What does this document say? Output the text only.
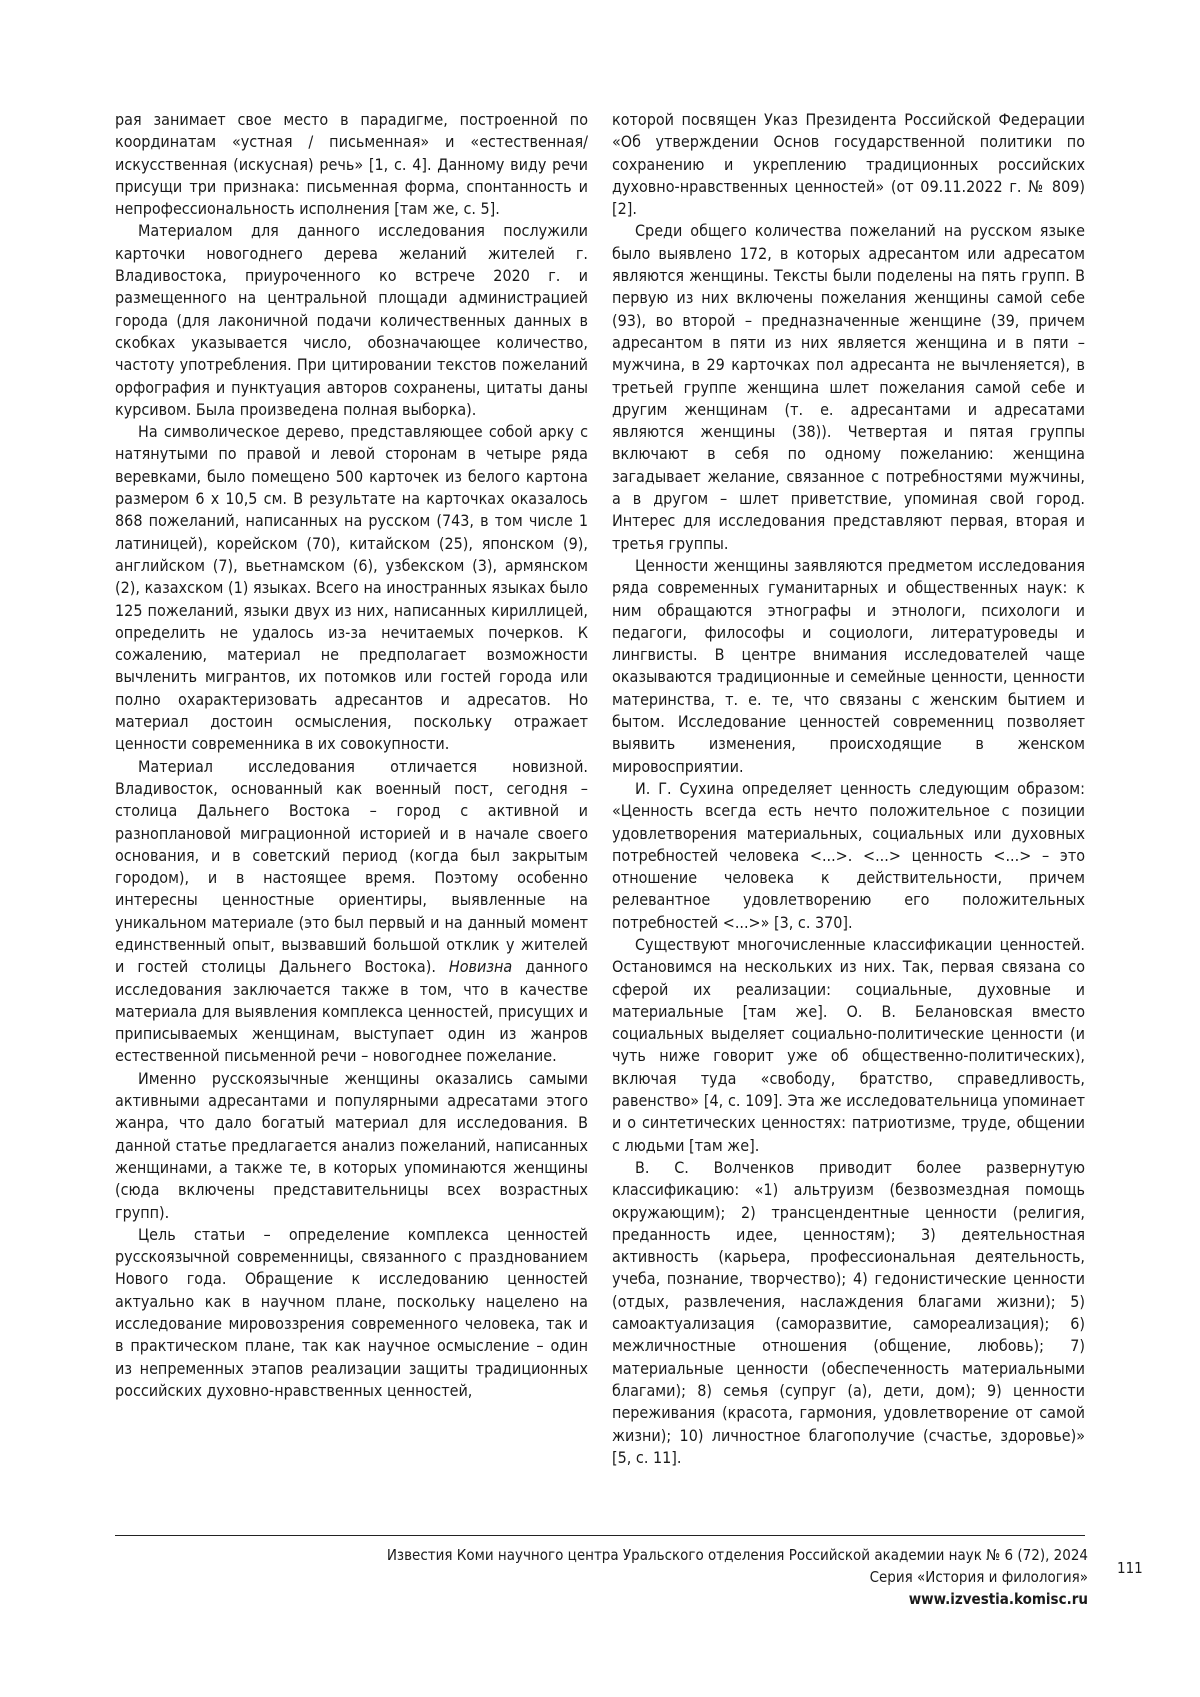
рая занимает свое место в парадигме, построенной по координатам «устная / письменная» и «естественная/искусственная (искусная) речь» [1, с. 4]. Данному виду речи присущи три признака: письменная форма, спонтанность и непрофессиональность исполнения [там же, с. 5].

Материалом для данного исследования послужили карточки новогоднего дерева желаний жителей г. Владивостока, приуроченного ко встрече 2020 г. и размещенного на центральной площади администрацией города (для лаконичной подачи количественных данных в скобках указывается число, обозначающее количество, частоту употребления. При цитировании текстов пожеланий орфография и пунктуация авторов сохранены, цитаты даны курсивом. Была произведена полная выборка).

На символическое дерево, представляющее собой арку с натянутыми по правой и левой сторонам в четыре ряда веревками, было помещено 500 карточек из белого картона размером 6 х 10,5 см. В результате на карточках оказалось 868 пожеланий, написанных на русском (743, в том числе 1 латиницей), корейском (70), китайском (25), японском (9), английском (7), вьетнамском (6), узбекском (3), армянском (2), казахском (1) языках. Всего на иностранных языках было 125 пожеланий, языки двух из них, написанных кириллицей, определить не удалось из-за нечитаемых почерков. К сожалению, материал не предполагает возможности вычленить мигрантов, их потомков или гостей города или полно охарактеризовать адресантов и адресатов. Но материал достоин осмысления, поскольку отражает ценности современника в их совокупности.

Материал исследования отличается новизной. Владивосток, основанный как военный пост, сегодня – столица Дальнего Востока – город с активной и разноплановой миграционной историей и в начале своего основания, и в советский период (когда был закрытым городом), и в настоящее время. Поэтому особенно интересны ценностные ориентиры, выявленные на уникальном материале (это был первый и на данный момент единственный опыт, вызвавший большой отклик у жителей и гостей столицы Дальнего Востока). Новизна данного исследования заключается также в том, что в качестве материала для выявления комплекса ценностей, присущих и приписываемых женщинам, выступает один из жанров естественной письменной речи – новогоднее пожелание.

Именно русскоязычные женщины оказались самыми активными адресантами и популярными адресатами этого жанра, что дало богатый материал для исследования. В данной статье предлагается анализ пожеланий, написанных женщинами, а также те, в которых упоминаются женщины (сюда включены представительницы всех возрастных групп).

Цель статьи – определение комплекса ценностей русскоязычной современницы, связанного с празднованием Нового года. Обращение к исследованию ценностей актуально как в научном плане, поскольку нацелено на исследование мировоззрения современного человека, так и в практическом плане, так как научное осмысление – один из непременных этапов реализации защиты традиционных российских духовно-нравственных ценностей,

которой посвящен Указ Президента Российской Федерации «Об утверждении Основ государственной политики по сохранению и укреплению традиционных российских духовно-нравственных ценностей» (от 09.11.2022 г. № 809) [2].

Среди общего количества пожеланий на русском языке было выявлено 172, в которых адресантом или адресатом являются женщины. Тексты были поделены на пять групп. В первую из них включены пожелания женщины самой себе (93), во второй – предназначенные женщине (39, причем адресантом в пяти из них является женщина и в пяти – мужчина, в 29 карточках пол адресанта не вычленяется), в третьей группе женщина шлет пожелания самой себе и другим женщинам (т. е. адресантами и адресатами являются женщины (38)). Четвертая и пятая группы включают в себя по одному пожеланию: женщина загадывает желание, связанное с потребностями мужчины, а в другом – шлет приветствие, упоминая свой город. Интерес для исследования представляют первая, вторая и третья группы.

Ценности женщины заявляются предметом исследования ряда современных гуманитарных и общественных наук: к ним обращаются этнографы и этнологи, психологи и педагоги, философы и социологи, литературоведы и лингвисты. В центре внимания исследователей чаще оказываются традиционные и семейные ценности, ценности материнства, т. е. те, что связаны с женским бытием и бытом. Исследование ценностей современниц позволяет выявить изменения, происходящие в женском мировосприятии.

И. Г. Сухина определяет ценность следующим образом: «Ценность всегда есть нечто положительное с позиции удовлетворения материальных, социальных или духовных потребностей человека <...>. <...> ценность <...> – это отношение человека к действительности, причем релевантное удовлетворению его положительных потребностей <...>» [3, с. 370].

Существуют многочисленные классификации ценностей. Остановимся на нескольких из них. Так, первая связана со сферой их реализации: социальные, духовные и материальные [там же]. О. В. Белановская вместо социальных выделяет социально-политические ценности (и чуть ниже говорит уже об общественно-политических), включая туда «свободу, братство, справедливость, равенство» [4, с. 109]. Эта же исследовательница упоминает и о синтетических ценностях: патриотизме, труде, общении с людьми [там же].

В. С. Волченков приводит более развернутую классификацию: «1) альтруизм (безвозмездная помощь окружающим); 2) трансцендентные ценности (религия, преданность идее, ценностям); 3) деятельностная активность (карьера, профессиональная деятельность, учеба, познание, творчество); 4) гедонистические ценности (отдых, развлечения, наслаждения благами жизни); 5) самоактуализация (саморазвитие, самореализация); 6) межличностные отношения (общение, любовь); 7) материальные ценности (обеспеченность материальными благами); 8) семья (супруг (а), дети, дом); 9) ценности переживания (красота, гармония, удовлетворение от самой жизни); 10) личностное благополучие (счастье, здоровье)» [5, с. 11].

Известия Коми научного центра Уральского отделения Российской академии наук № 6 (72), 2024
Серия «История и филология»
www.izvestia.komisc.ru
111
